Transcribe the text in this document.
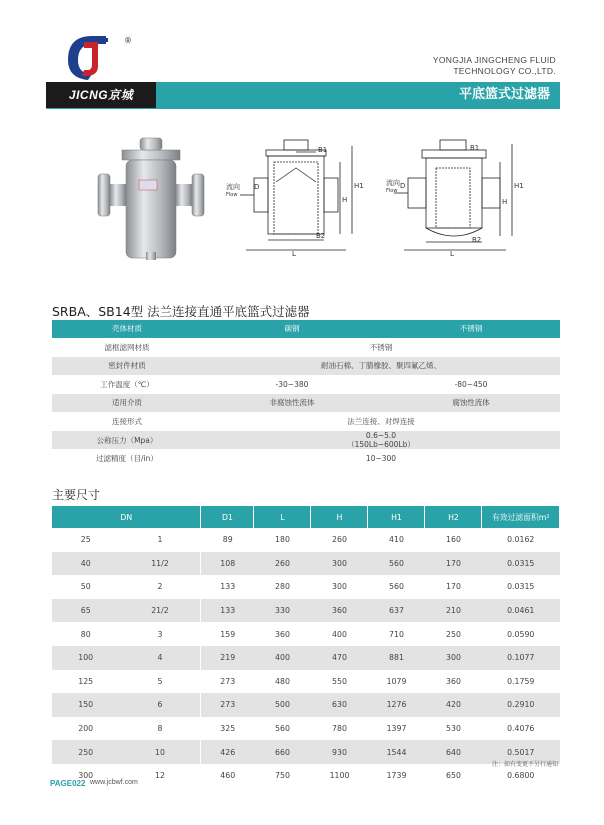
®
YONGJIA JINGCHENG FLUID
TECHNOLOGY CO.,LTD.
JICNG京城	平底篮式过滤器
流向
Flow
D
B1
H1
H
B2
L
流向
Flow
D
B1
H1
H
B2
L
SRBA、SB14型 法兰连接直通平底篮式过滤器
壳体材质	碳钢	不锈钢
滤框滤网材质	不锈钢	
密封件材质	耐油石棉、丁腈橡胶、聚四氟乙烯、	
工作温度（℃）	-30~380	-80~450
适用介质	非腐蚀性流体	腐蚀性流体
连接形式	法兰连接、对焊连接	
公称压力（Mpa）	0.6~5.0
（150Lb~600Lb）	

过滤精度（目/in）	10~300	
主要尺寸
DN		D1	L	H	H1	H2	有效过滤面积m²
25	1	89	180	260	410	160	0.0162
40	11/2	108	260	300	560	170	0.0315
50	2	133	280	300	560	170	0.0315
65	21/2	133	330	360	637	210	0.0461
80	3	159	360	400	710	250	0.0590
100	4	219	400	470	881	300	0.1077
125	5	273	480	550	1079	360	0.1759
150	6	273	500	630	1276	420	0.2910
200	8	325	560	780	1397	530	0.4076
250	10	426	660	930	1544	640	0.5017
300	12	460	750	1100	1739	650	0.6800
注：如有变更不另行通知
PAGE022 www.jcbwf.com
